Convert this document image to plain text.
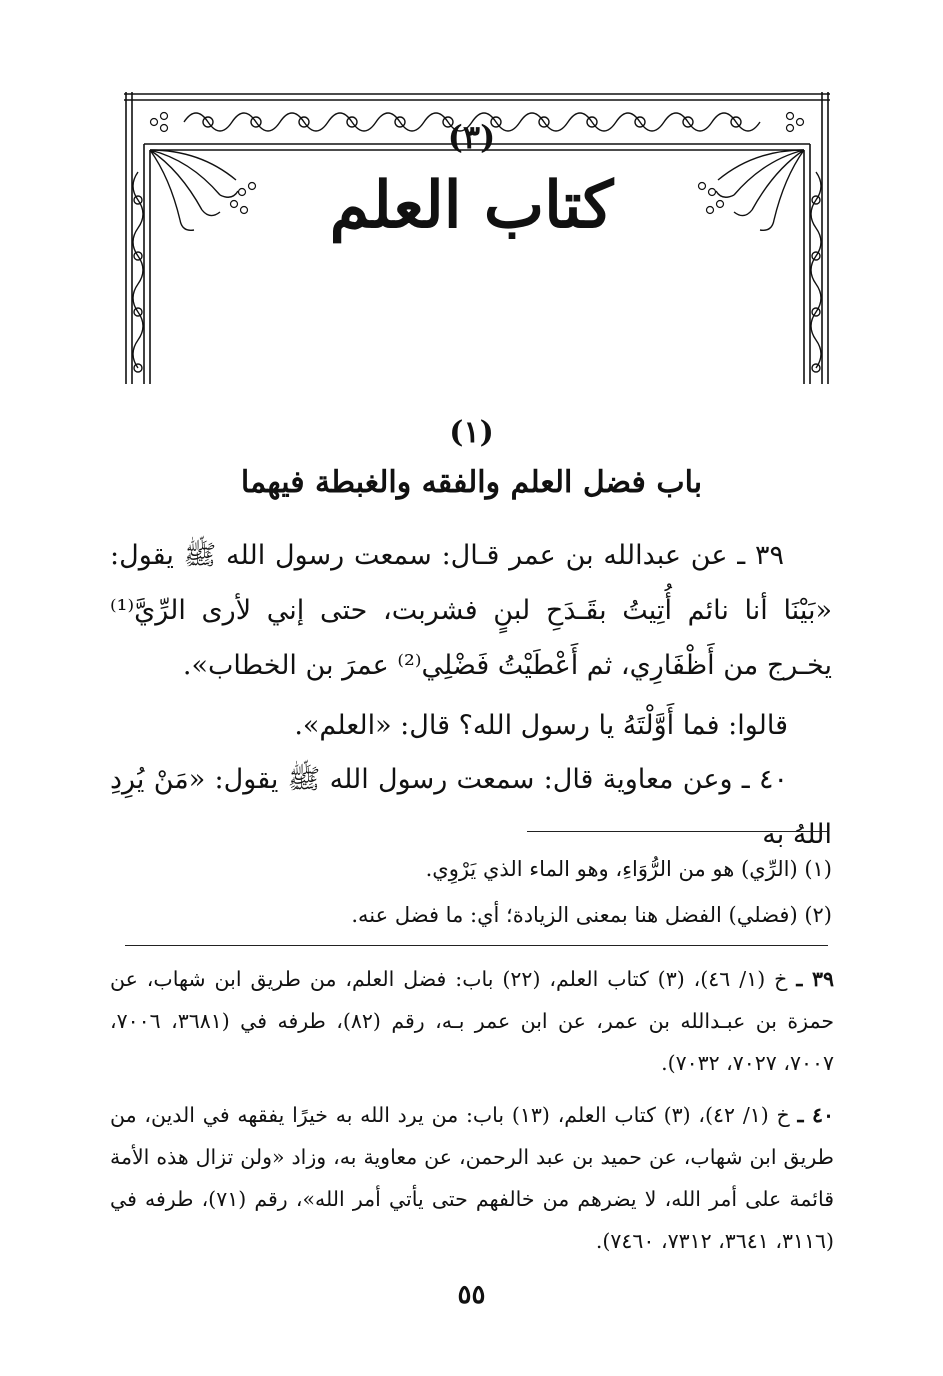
(٣)
كتاب العلم
(١)
باب فضل العلم والفقه والغبطة فيهما

٣٩ ـ عن عبدالله بن عمر قـال: سمعت رسول الله ﷺ يقول: «بَيْنَا أنا نائم أُتِيتُ بقَـدَحِ لبنٍ فشربت، حتى إني لأرى الرِّيَّ⁽¹⁾ يخـرج من أَظْفَارِي، ثم أَعْطَيْتُ فَضْلِي⁽²⁾ عمرَ بن الخطاب».

قالوا: فما أَوَّلْتَهُ يا رسول الله؟ قال: «العلم».

٤٠ ـ وعن معاوية قال: سمعت رسول الله ﷺ يقول: «مَنْ يُرِدِ اللهُ به

(١) (الرِّي) هو من الرُّوَاءِ، وهو الماء الذي يَرْوِي.

(٢) (فضلي) الفضل هنا بمعنى الزيادة؛ أي: ما فضل عنه.

٣٩ ـ خ (١/ ٤٦)، (٣) كتاب العلم، (٢٢) باب: فضل العلم، من طريق ابن شهاب، عن حمزة بن عبـدالله بن عمر، عن ابن عمر بـه، رقم (٨٢)، طرفه في (٣٦٨١، ٧٠٠٦، ٧٠٠٧، ٧٠٢٧، ٧٠٣٢).

٤٠ ـ خ (١/ ٤٢)، (٣) كتاب العلم، (١٣) باب: من يرد الله به خيرًا يفقهه في الدين، من طريق ابن شهاب، عن حميد بن عبد الرحمن، عن معاوية به، وزاد «ولن تزال هذه الأمة قائمة على أمر الله، لا يضرهم من خالفهم حتى يأتي أمر الله»، رقم (٧١)، طرفه في (٣١١٦، ٣٦٤١، ٧٣١٢، ٧٤٦٠).

٥٥
